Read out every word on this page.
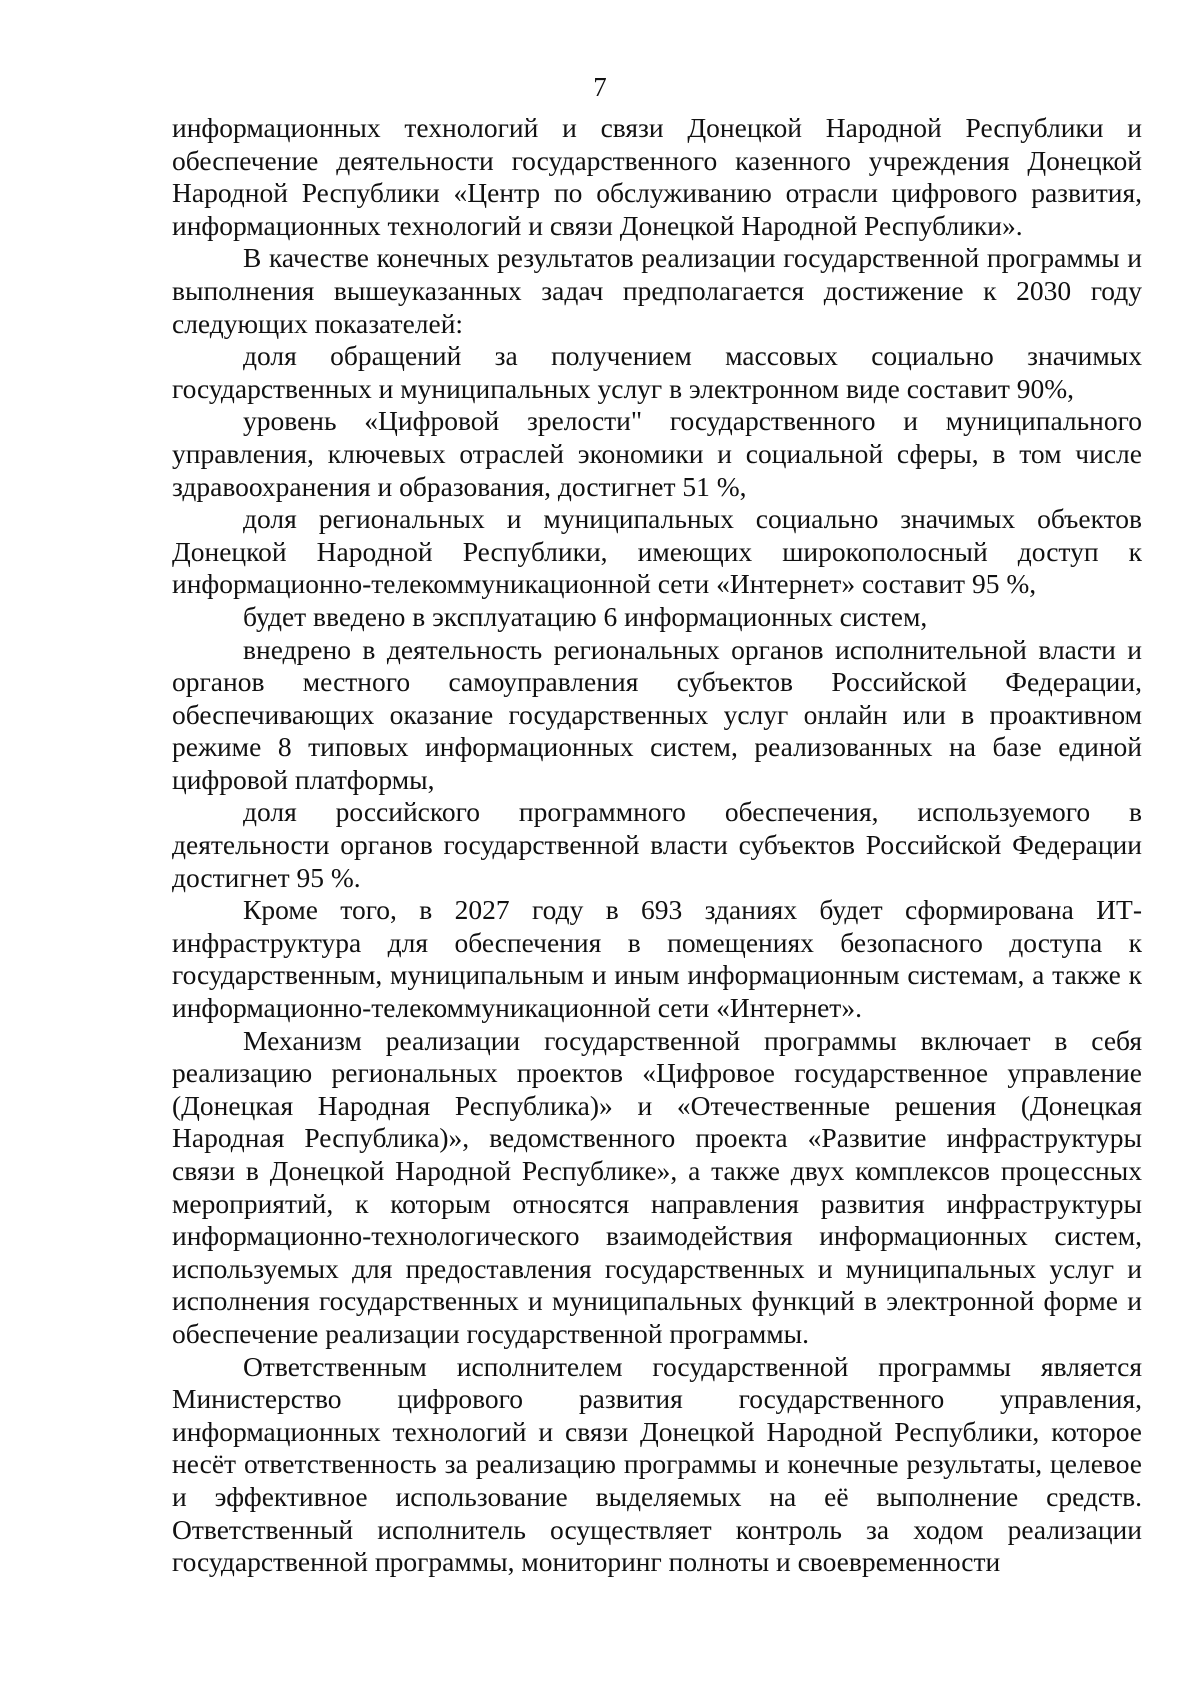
7

информационных технологий и связи Донецкой Народной Республики и обеспечение деятельности государственного казенного учреждения Донецкой Народной Республики «Центр по обслуживанию отрасли цифрового развития, информационных технологий и связи Донецкой Народной Республики».

В качестве конечных результатов реализации государственной программы и выполнения вышеуказанных задач предполагается достижение к 2030 году следующих показателей:

доля обращений за получением массовых социально значимых государственных и муниципальных услуг в электронном виде составит 90%,

уровень «Цифровой зрелости" государственного и муниципального управления, ключевых отраслей экономики и социальной сферы, в том числе здравоохранения и образования, достигнет 51 %,

доля региональных и муниципальных социально значимых объектов Донецкой Народной Республики, имеющих широкополосный доступ к информационно-телекоммуникационной сети «Интернет» составит 95 %,

будет введено в эксплуатацию 6 информационных систем,

внедрено в деятельность региональных органов исполнительной власти и органов местного самоуправления субъектов Российской Федерации, обеспечивающих оказание государственных услуг онлайн или в проактивном режиме 8 типовых информационных систем, реализованных на базе единой цифровой платформы,

доля российского программного обеспечения, используемого в деятельности органов государственной власти субъектов Российской Федерации достигнет 95 %.

Кроме того, в 2027 году в 693 зданиях будет сформирована ИТ-инфраструктура для обеспечения в помещениях безопасного доступа к государственным, муниципальным и иным информационным системам, а также к информационно-телекоммуникационной сети «Интернет».

Механизм реализации государственной программы включает в себя реализацию региональных проектов «Цифровое государственное управление (Донецкая Народная Республика)» и «Отечественные решения (Донецкая Народная Республика)», ведомственного проекта «Развитие инфраструктуры связи в Донецкой Народной Республике», а также двух комплексов процессных мероприятий, к которым относятся направления развития инфраструктуры информационно-технологического взаимодействия информационных систем, используемых для предоставления государственных и муниципальных услуг и исполнения государственных и муниципальных функций в электронной форме и обеспечение реализации государственной программы.

Ответственным исполнителем государственной программы является Министерство цифрового развития государственного управления, информационных технологий и связи Донецкой Народной Республики, которое несёт ответственность за реализацию программы и конечные результаты, целевое и эффективное использование выделяемых на её выполнение средств. Ответственный исполнитель осуществляет контроль за ходом реализации государственной программы, мониторинг полноты и своевременности
